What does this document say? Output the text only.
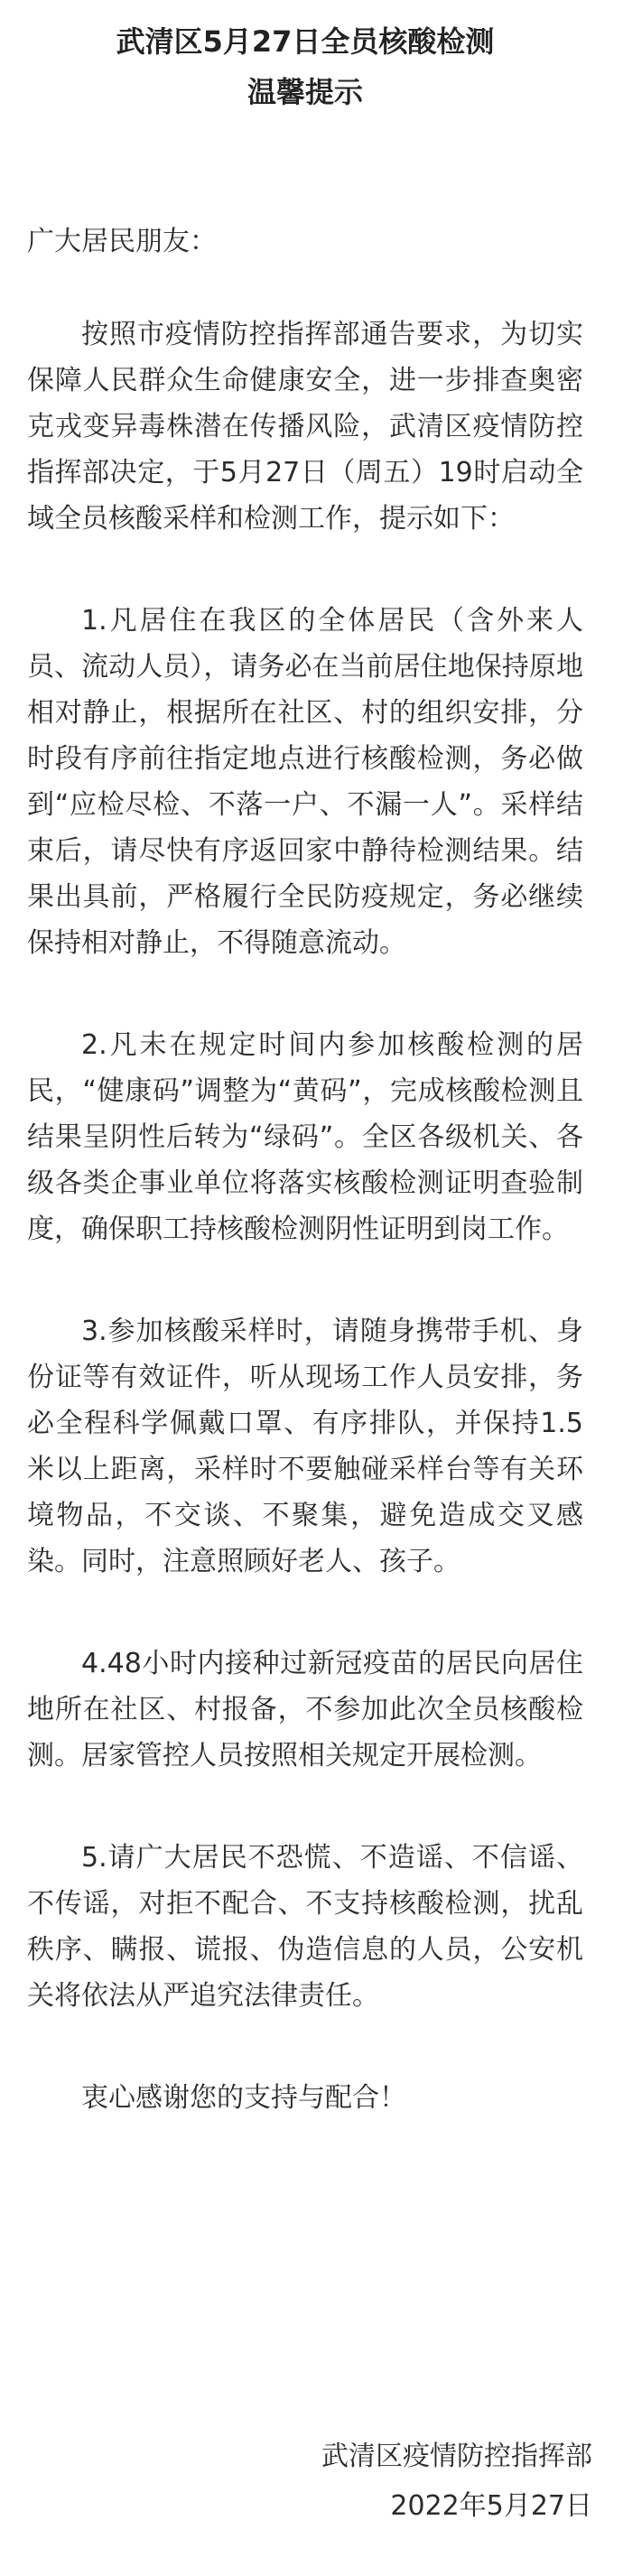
武清区5月27日全员核酸检测
温馨提示
广大居民朋友：

按照市疫情防控指挥部通告要求，为切实保障人民群众生命健康安全，进一步排查奥密克戎变异毒株潜在传播风险，武清区疫情防控指挥部决定，于5月27日（周五）19时启动全域全员核酸采样和检测工作，提示如下：

1.凡居住在我区的全体居民（含外来人员、流动人员），请务必在当前居住地保持原地相对静止，根据所在社区、村的组织安排，分时段有序前往指定地点进行核酸检测，务必做到“应检尽检、不落一户、不漏一人”。采样结束后，请尽快有序返回家中静待检测结果。结果出具前，严格履行全民防疫规定，务必继续保持相对静止，不得随意流动。

2.凡未在规定时间内参加核酸检测的居民，“健康码”调整为“黄码”，完成核酸检测且结果呈阴性后转为“绿码”。全区各级机关、各级各类企事业单位将落实核酸检测证明查验制度，确保职工持核酸检测阴性证明到岗工作。

3.参加核酸采样时，请随身携带手机、身份证等有效证件，听从现场工作人员安排，务必全程科学佩戴口罩、有序排队，并保持1.5米以上距离，采样时不要触碰采样台等有关环境物品，不交谈、不聚集，避免造成交叉感染。同时，注意照顾好老人、孩子。

4.48小时内接种过新冠疫苗的居民向居住地所在社区、村报备，不参加此次全员核酸检测。居家管控人员按照相关规定开展检测。

5.请广大居民不恐慌、不造谣、不信谣、不传谣，对拒不配合、不支持核酸检测，扰乱秩序、瞒报、谎报、伪造信息的人员，公安机关将依法从严追究法律责任。

衷心感谢您的支持与配合！

武清区疫情防控指挥部
2022年5月27日
